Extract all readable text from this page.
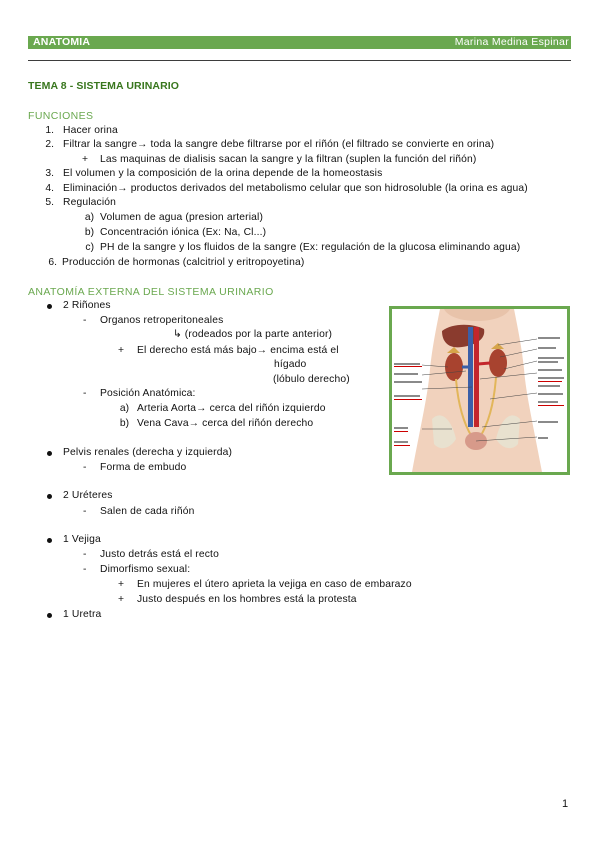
ANATOMIA	Marina Medina Espinar
TEMA 8 - SISTEMA URINARIO
FUNCIONES
1. Hacer orina
2. Filtrar la sangre→ toda la sangre debe filtrarse por el riñón (el filtrado se convierte en orina)
+ Las maquinas de dialisis sacan la sangre y la filtran (suplen la función del riñón)
3. El volumen y la composición de la orina depende de la homeostasis
4. Eliminación→ productos derivados del metabolismo celular que son hidrosoluble (la orina es agua)
5. Regulación
a) Volumen de agua (presion arterial)
b) Concentración iónica (Ex: Na, Cl...)
c) PH de la sangre y los fluidos de la sangre (Ex: regulación de la glucosa eliminando agua)
6. Producción de hormonas (calcitriol y eritropoyetina)
ANATOMÍA EXTERNA DEL SISTEMA URINARIO
2 Riñones
- Organos retroperitoneales
↳ (rodeados por la parte anterior)
+ El derecho está más bajo→ encima está el
hígado
(lóbulo derecho)
- Posición Anatómica:
a) Arteria Aorta→ cerca del riñón izquierdo
b) Vena Cava→ cerca del riñón derecho
Pelvis renales (derecha y izquierda)
- Forma de embudo
2 Uréteres
- Salen de cada riñón
1 Vejiga
- Justo detrás está el recto
- Dimorfismo sexual:
+ En mujeres el útero aprieta la vejiga en caso de embarazo
+ Justo después en los hombres está la protesta
1 Uretra
1
